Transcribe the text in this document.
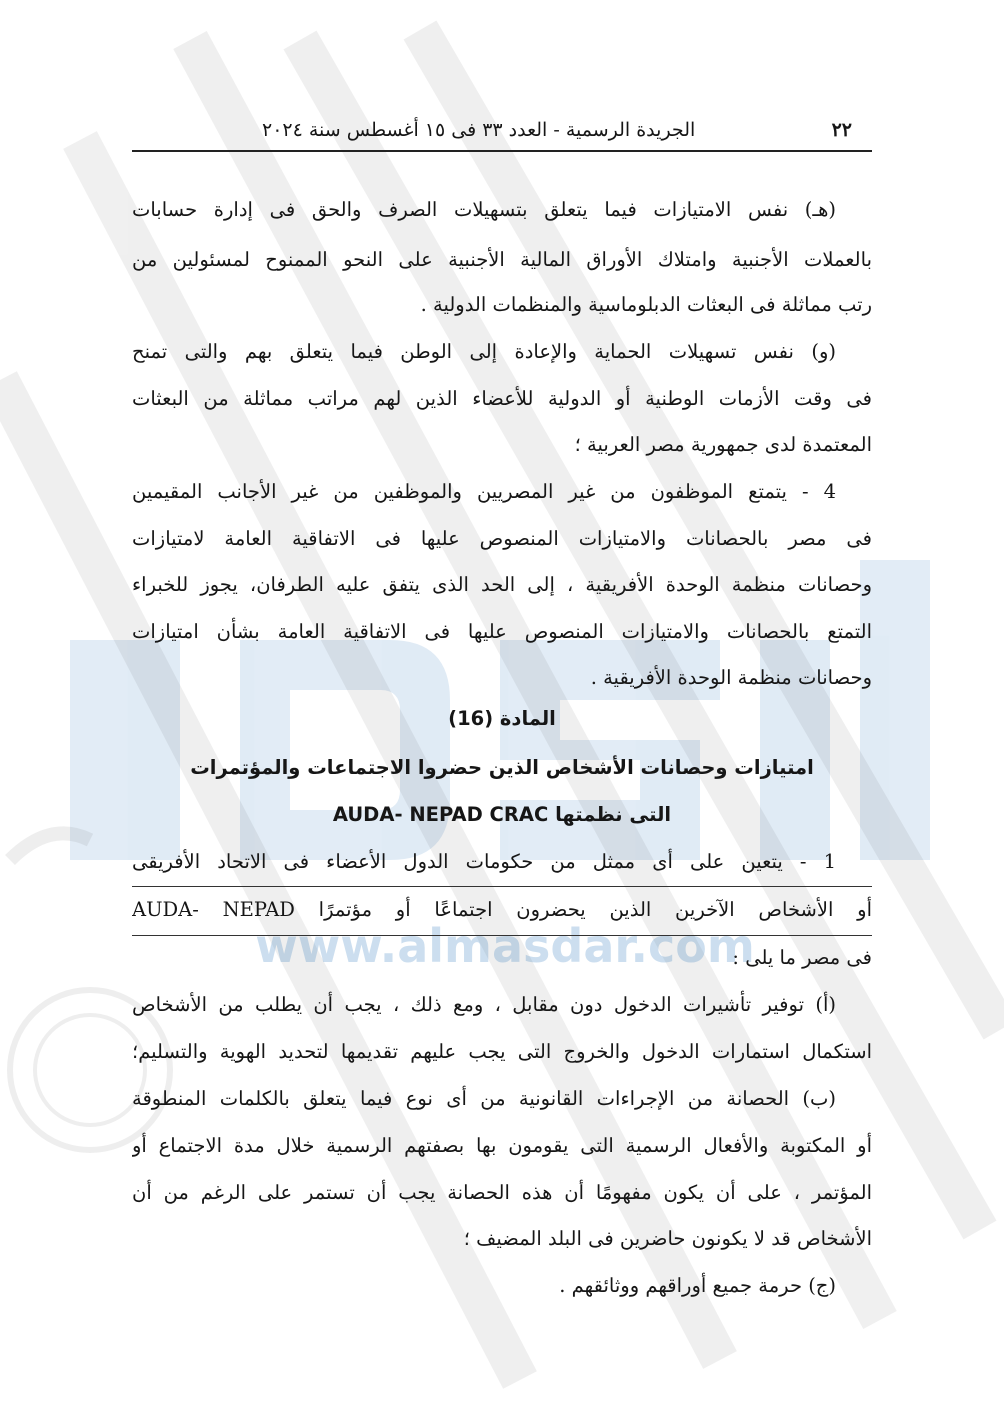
www.almasdar.com
٢٢
الجريدة الرسمية - العدد ٣٣ فى ١٥ أغسطس سنة ٢٠٢٤
(هـ) نفس الامتيازات فيما يتعلق بتسهيلات الصرف والحق فى إدارة حسابات
بالعملات الأجنبية وامتلاك الأوراق المالية الأجنبية على النحو الممنوح لمسئولين من
رتب مماثلة فى البعثات الدبلوماسية والمنظمات الدولية .
(و) نفس تسهيلات الحماية والإعادة إلى الوطن فيما يتعلق بهم والتى تمنح
فى وقت الأزمات الوطنية أو الدولية للأعضاء الذين لهم مراتب مماثلة من البعثات
المعتمدة لدى جمهورية مصر العربية ؛
4 - يتمتع الموظفون من غير المصريين والموظفين من غير الأجانب المقيمين
فى مصر بالحصانات والامتيازات المنصوص عليها فى الاتفاقية العامة لامتيازات
وحصانات منظمة الوحدة الأفريقية ، إلى الحد الذى يتفق عليه الطرفان، يجوز للخبراء
التمتع بالحصانات والامتيازات المنصوص عليها فى الاتفاقية العامة بشأن امتيازات
وحصانات منظمة الوحدة الأفريقية .
المادة (16)
امتيازات وحصانات الأشخاص الذين حضروا الاجتماعات والمؤتمرات
التى نظمتها AUDA- NEPAD CRAC
1 - يتعين على أى ممثل من حكومات الدول الأعضاء فى الاتحاد الأفريقى
أو الأشخاص الآخرين الذين يحضرون اجتماعًا أو مؤتمرًا AUDA- NEPAD
فى مصر ما يلى :
(أ) توفير تأشيرات الدخول دون مقابل ، ومع ذلك ، يجب أن يطلب من الأشخاص
استكمال استمارات الدخول والخروج التى يجب عليهم تقديمها لتحديد الهوية والتسليم؛
(ب) الحصانة من الإجراءات القانونية من أى نوع فيما يتعلق بالكلمات المنطوقة
أو المكتوبة والأفعال الرسمية التى يقومون بها بصفتهم الرسمية خلال مدة الاجتماع أو
المؤتمر ، على أن يكون مفهومًا أن هذه الحصانة يجب أن تستمر على الرغم من أن
الأشخاص قد لا يكونون حاضرين فى البلد المضيف ؛
(ج) حرمة جميع أوراقهم ووثائقهم .
